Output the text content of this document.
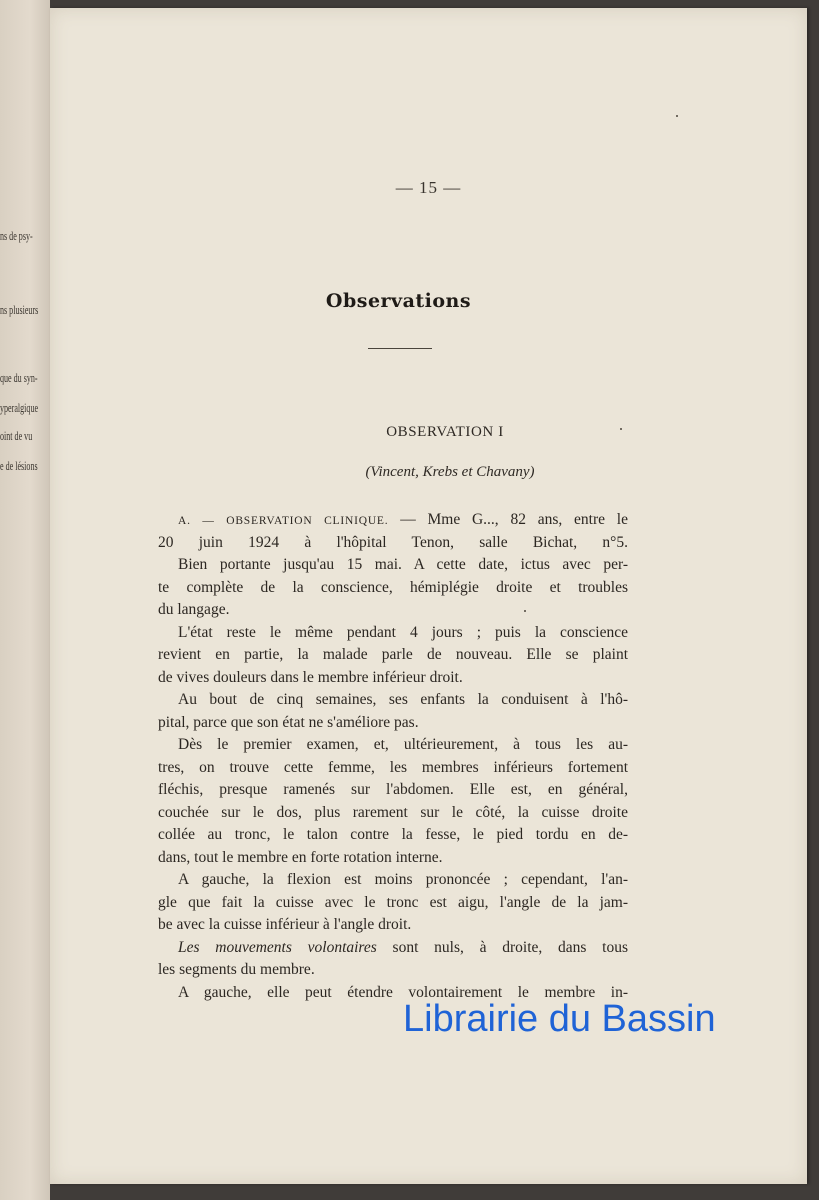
ns de psy-
ns plusieurs
que du syn-
yperalgique
oint de vu
e de lésions
— 15 —
Observations
OBSERVATION I
(Vincent, Krebs et Chavany)
A. — OBSERVATION CLINIQUE. — Mme G..., 82 ans, entre le
20 juin 1924 à l'hôpital Tenon, salle Bichat, n°5.
Bien portante jusqu'au 15 mai. A cette date, ictus avec per-
te complète de la conscience, hémiplégie droite et troubles
du langage.
L'état reste le même pendant 4 jours ; puis la conscience
revient en partie, la malade parle de nouveau. Elle se plaint
de vives douleurs dans le membre inférieur droit.
Au bout de cinq semaines, ses enfants la conduisent à l'hô-
pital, parce que son état ne s'améliore pas.
Dès le premier examen, et, ultérieurement, à tous les au-
tres, on trouve cette femme, les membres inférieurs fortement
fléchis, presque ramenés sur l'abdomen. Elle est, en général,
couchée sur le dos, plus rarement sur le côté, la cuisse droite
collée au tronc, le talon contre la fesse, le pied tordu en de-
dans, tout le membre en forte rotation interne.
A gauche, la flexion est moins prononcée ; cependant, l'an-
gle que fait la cuisse avec le tronc est aigu, l'angle de la jam-
be avec la cuisse inférieur à l'angle droit.
Les mouvements volontaires sont nuls, à droite, dans tous
les segments du membre.
A gauche, elle peut étendre volontairement le membre in-
Librairie du Bassin
